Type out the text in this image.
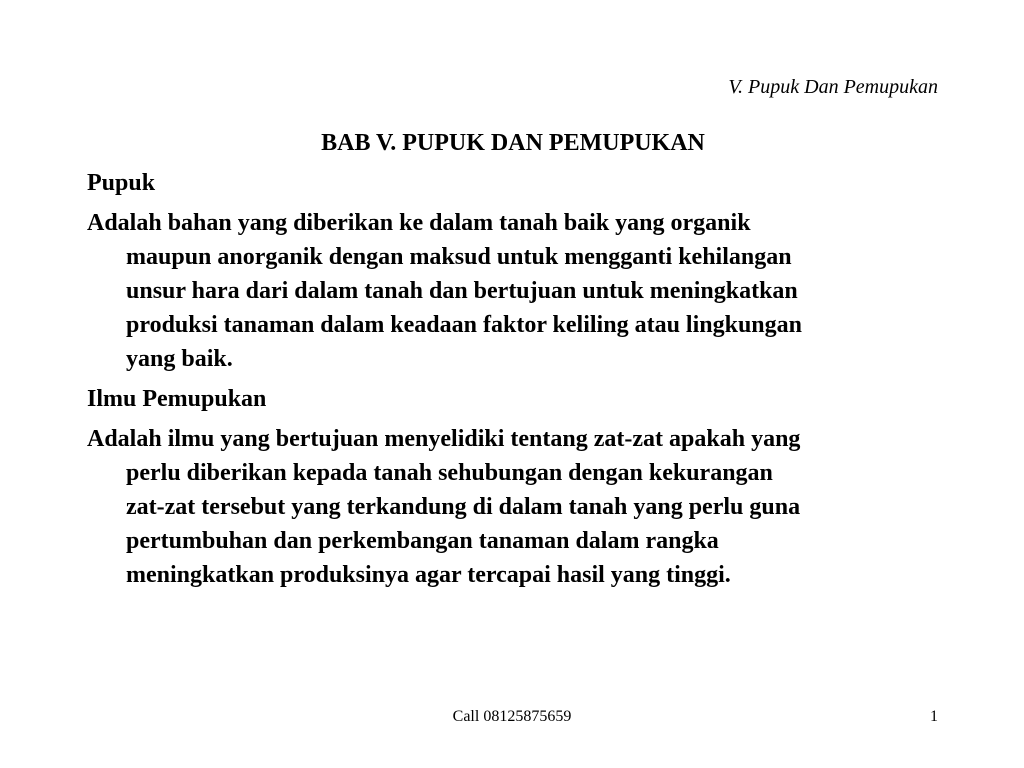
V. Pupuk Dan Pemupukan
BAB V. PUPUK DAN PEMUPUKAN
Pupuk
Adalah bahan yang diberikan ke dalam tanah baik yang organik
maupun anorganik dengan maksud untuk mengganti kehilangan
unsur hara dari dalam tanah dan bertujuan untuk meningkatkan
produksi tanaman dalam keadaan faktor keliling atau lingkungan
yang baik.
Ilmu Pemupukan
Adalah ilmu yang bertujuan menyelidiki tentang zat-zat apakah yang
perlu diberikan kepada tanah sehubungan dengan kekurangan
zat-zat tersebut yang terkandung di dalam tanah yang perlu guna
pertumbuhan dan perkembangan tanaman dalam rangka
meningkatkan produksinya agar tercapai hasil yang tinggi.
Call 08125875659	1
